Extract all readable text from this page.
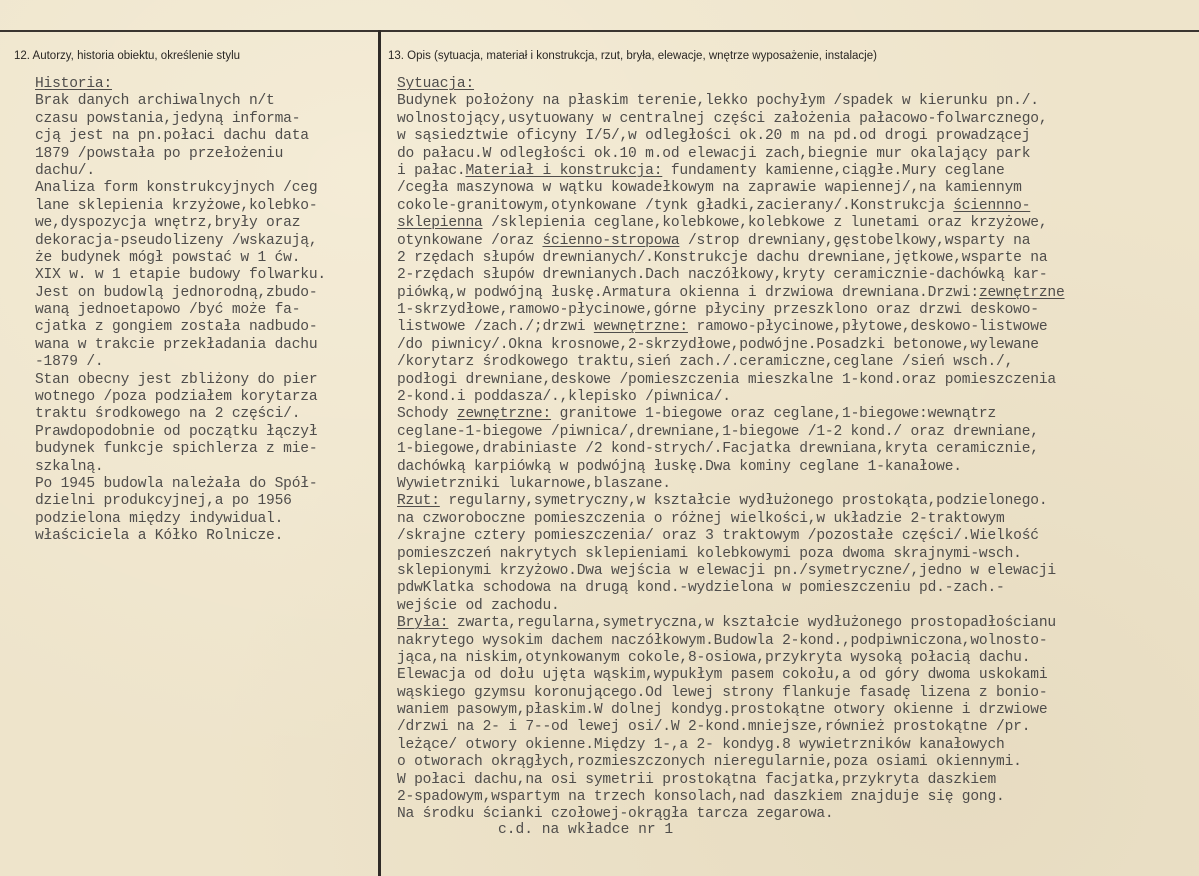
12. Autorzy, historia obiektu, określenie stylu	13. Opis (sytuacja, materiał i konstrukcja, rzut, bryła, elewacje, wnętrze wyposażenie, instalacje)
Historia:
Brak danych archiwalnych n/t
czasu powstania,jedyną informa-
cją jest na pn.połaci dachu data
1879 /powstała po przełożeniu
dachu/.
Analiza form konstrukcyjnych /ceg
lane sklepienia krzyżowe,kolebko-
we,dyspozycja wnętrz,bryły oraz
dekoracja-pseudolizeny /wskazują,
że budynek mógł powstać w 1 ćw.
XIX w. w 1 etapie budowy folwarku.
Jest on budowlą jednorodną,zbudo-
waną jednoetapowo /być może fa-
cjatka z gongiem została nadbudo-
wana w trakcie przekładania dachu
-1879 /.
Stan obecny jest zbliżony do pier
wotnego /poza podziałem korytarza
traktu środkowego na 2 części/.
Prawdopodobnie od początku łączył
budynek funkcje spichlerza z mie-
szkalną.
Po 1945 budowla należała do Spół-
dzielni produkcyjnej,a po 1956
podzielona między indywidual.
właściciela a Kółko Rolnicze.
Sytuacja:
Budynek położony na płaskim terenie,lekko pochyłym /spadek w kierunku pn./.
wolnostojący,usytuowany w centralnej części założenia pałacowo-folwarcznego,
w sąsiedztwie oficyny I/5/,w odległości ok.20 m na pd.od drogi prowadzącej
do pałacu.W odległości ok.10 m.od elewacji zach,biegnie mur okalający park
i pałac.Materiał i konstrukcja: fundamenty kamienne,ciągłe.Mury ceglane
/cegła maszynowa w wątku kowadełkowym na zaprawie wapiennej/,na kamiennym
cokole-granitowym,otynkowane /tynk gładki,zacierany/.Konstrukcja ściennno-
sklepienna /sklepienia ceglane,kolebkowe,kolebkowe z lunetami oraz krzyżowe,
otynkowane /oraz ścienno-stropowa /strop drewniany,gęstobelkowy,wsparty na
2 rzędach słupów drewnianych/.Konstrukcje dachu drewniane,jętkowe,wsparte na
2-rzędach słupów drewnianych.Dach naczółkowy,kryty ceramicznie-dachówką kar-
piówką,w podwójną łuskę.Armatura okienna i drzwiowa drewniana.Drzwi:zewnętrzne
1-skrzydłowe,ramowo-płycinowe,górne płyciny przeszklono oraz drzwi deskowo-
listwowe /zach./;drzwi wewnętrzne: ramowo-płycinowe,płytowe,deskowo-listwowe
/do piwnicy/.Okna krosnowe,2-skrzydłowe,podwójne.Posadzki betonowe,wylewane
/korytarz środkowego traktu,sień zach./.ceramiczne,ceglane /sień wsch./,
podłogi drewniane,deskowe /pomieszczenia mieszkalne 1-kond.oraz pomieszczenia
2-kond.i poddasza/.,klepisko /piwnica/.
Schody zewnętrzne: granitowe 1-biegowe oraz ceglane,1-biegowe:wewnątrz
ceglane-1-biegowe /piwnica/,drewniane,1-biegowe /1-2 kond./ oraz drewniane,
1-biegowe,drabiniaste /2 kond-strych/.Facjatka drewniana,kryta ceramicznie,
dachówką karpiówką w podwójną łuskę.Dwa kominy ceglane 1-kanałowe.
Wywietrzniki lukarnowe,blaszane.
Rzut: regularny,symetryczny,w kształcie wydłużonego prostokąta,podzielonego.
na czworoboczne pomieszczenia o różnej wielkości,w układzie 2-traktowym
/skrajne cztery pomieszczenia/ oraz 3 traktowym /pozostałe części/.Wielkość
pomieszczeń nakrytych sklepieniami kolebkowymi poza dwoma skrajnymi-wsch.
sklepionymi krzyżowo.Dwa wejścia w elewacji pn./symetryczne/,jedno w elewacji
pdwKlatka schodowa na drugą kond.-wydzielona w pomieszczeniu pd.-zach.-
wejście od zachodu.
Bryła: zwarta,regularna,symetryczna,w kształcie wydłużonego prostopadłościanu
nakrytego wysokim dachem naczółkowym.Budowla 2-kond.,podpiwniczona,wolnosto-
jąca,na niskim,otynkowanym cokole,8-osiowa,przykryta wysoką połacią dachu.
Elewacja od dołu ujęta wąskim,wypukłym pasem cokołu,a od góry dwoma uskokami
wąskiego gzymsu koronującego.Od lewej strony flankuje fasadę lizena z bonio-
waniem pasowym,płaskim.W dolnej kondyg.prostokątne otwory okienne i drzwiowe
/drzwi na 2- i 7--od lewej osi/.W 2-kond.mniejsze,również prostokątne /pr.
leżące/ otwory okienne.Między 1-,a 2- kondyg.8 wywietrzników kanałowych
o otworach okrągłych,rozmieszczonych nieregularnie,poza osiami okiennymi.
W połaci dachu,na osi symetrii prostokątna facjatka,przykryta daszkiem
2-spadowym,wspartym na trzech konsolach,nad daszkiem znajduje się gong.
Na środku ścianki czołowej-okrągła tarcza zegarowa.
c.d. na wkładce nr 1
